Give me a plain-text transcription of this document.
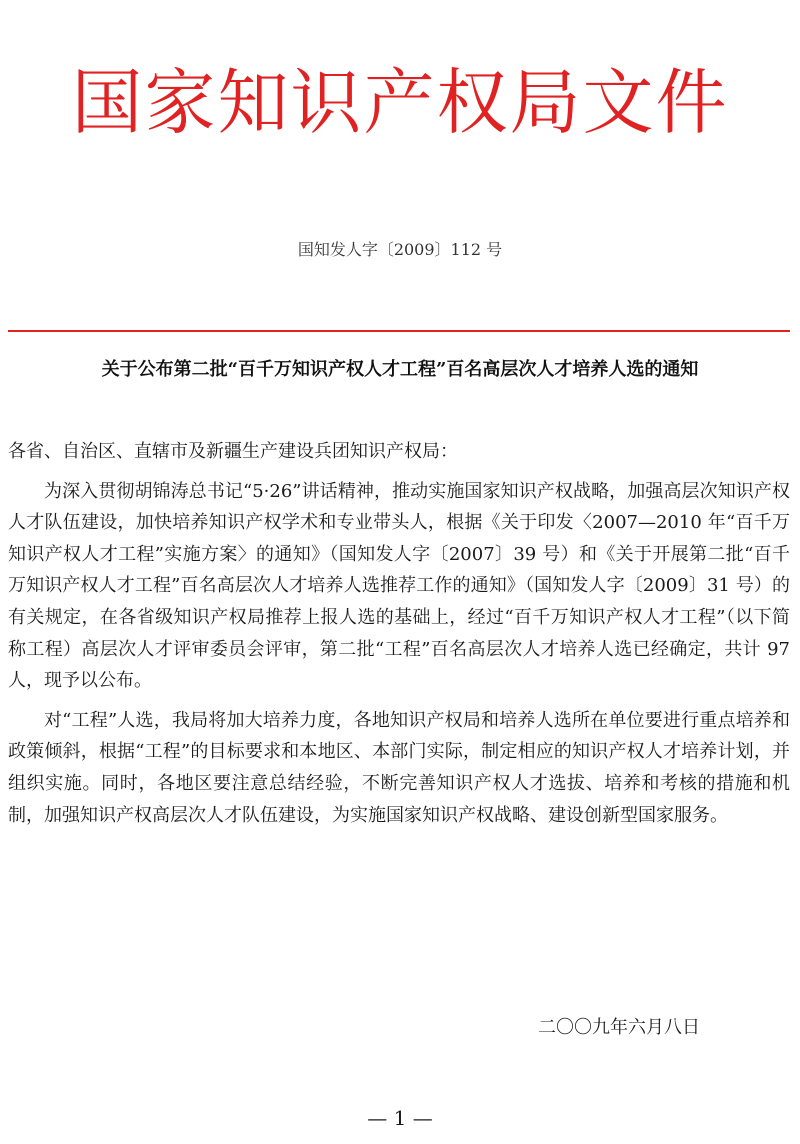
国家知识产权局文件
国知发人字〔2009〕112 号
关于公布第二批“百千万知识产权人才工程”百名高层次人才培养人选的通知

各省、自治区、直辖市及新疆生产建设兵团知识产权局：

为深入贯彻胡锦涛总书记“5·26”讲话精神，推动实施国家知识产权战略，加强高层次知识产权人才队伍建设，加快培养知识产权学术和专业带头人，根据《关于印发〈2007—2010 年“百千万知识产权人才工程”实施方案〉的通知》（国知发人字〔2007〕39 号）和《关于开展第二批“百千万知识产权人才工程”百名高层次人才培养人选推荐工作的通知》（国知发人字〔2009〕31 号）的有关规定，在各省级知识产权局推荐上报人选的基础上，经过“百千万知识产权人才工程”（以下简称工程）高层次人才评审委员会评审，第二批“工程”百名高层次人才培养人选已经确定，共计 97 人，现予以公布。

对“工程”人选，我局将加大培养力度，各地知识产权局和培养人选所在单位要进行重点培养和政策倾斜，根据“工程”的目标要求和本地区、本部门实际，制定相应的知识产权人才培养计划，并组织实施。同时，各地区要注意总结经验，不断完善知识产权人才选拔、培养和考核的措施和机制，加强知识产权高层次人才队伍建设，为实施国家知识产权战略、建设创新型国家服务。

二〇〇九年六月八日
— 1 —
